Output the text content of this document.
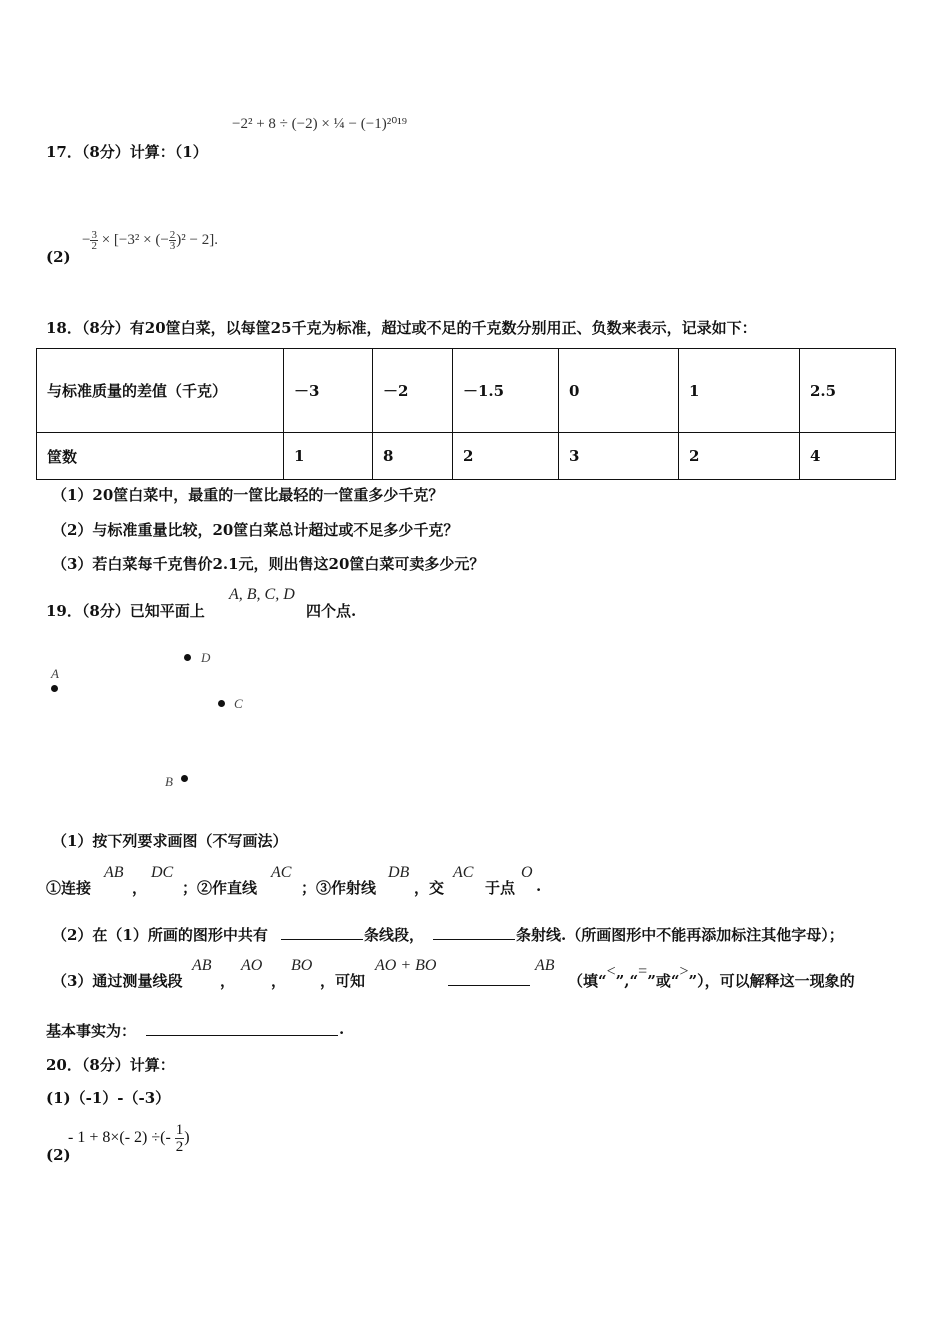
−2² + 8 ÷ (−2) × ¼ − (−1)²⁰¹⁹
17．（8分）计算：（1）
(2)
− $\frac{3}{2} \times [-3^2$ × (− $\frac{2}{3} )^2 - 2$].
18．（8分）有20筐白菜，以每筐25千克为标准，超过或不足的千克数分别用正、负数来表示，记录如下：
与标准质量的差值（千克）	－3	－2	－1.5	0	1	2.5
筐数	1	8	2	3	2	4
（1）20筐白菜中，最重的一筐比最轻的一筐重多少千克？
（2）与标准重量比较，20筐白菜总计超过或不足多少千克？
（3）若白菜每千克售价2.1元，则出售这20筐白菜可卖多少元？
19．（8分）已知平面上
A, B, C, D
四个点.
A
D
C
B
（1）按下列要求画图（不写画法）
①连接
AB
，
DC
；②作直线
AC
；③作射线
DB
，交
AC
于点
O
.
（2）在（1）所画的图形中共有	条线段，	条射线.（所画图形中不能再添加标注其他字母）；
（3）通过测量线段
AB
，
AO
，
BO
，可知
AO + BO	AB
（填“<”,“=”或“>”），可以解释这一现象的
基本事实为：	.
20．（8分）计算：
(1)（-1）-（-3）
(2)
- 1 + 8×(- 2) ÷(- $\frac{1}{2}$ )
